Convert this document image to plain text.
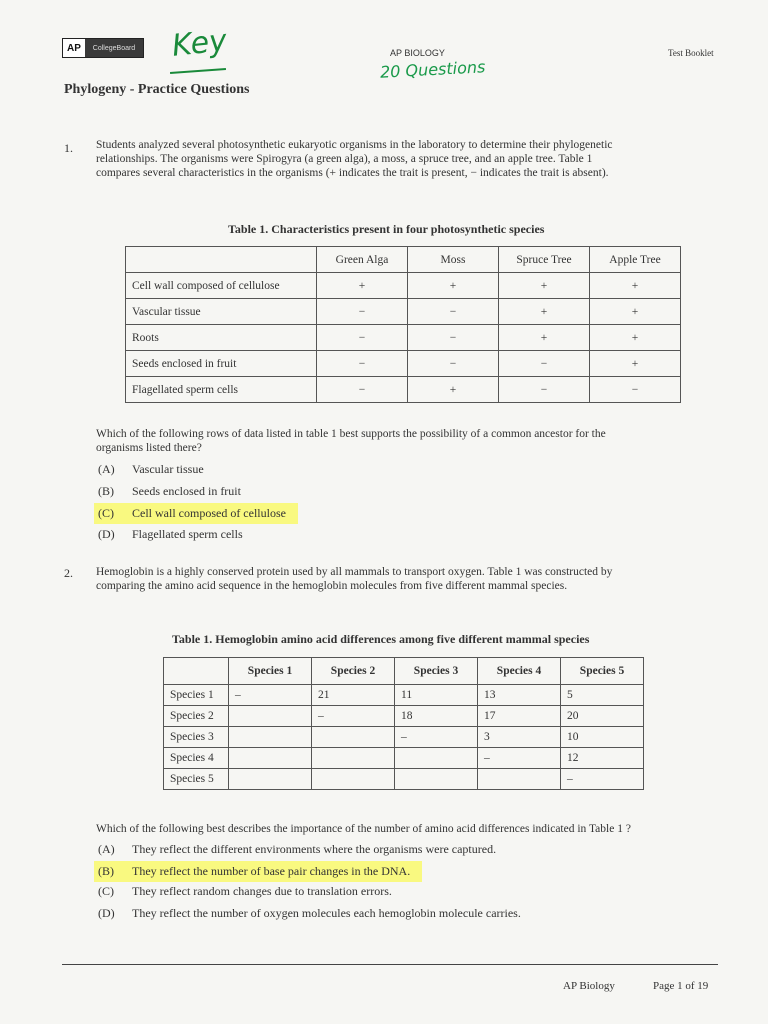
AP	CollegeBoard Key	AP BIOLOGY
20 Questions
Test Booklet
Phylogeny - Practice Questions
1. Students analyzed several photosynthetic eukaryotic organisms in the laboratory to determine their phylogenetic
relationships. The organisms were Spirogyra (a green alga), a moss, a spruce tree, and an apple tree. Table 1
compares several characteristics in the organisms (+ indicates the trait is present, − indicates the trait is absent).
Table 1. Characteristics present in four photosynthetic species
	Green Alga	Moss	Spruce Tree	Apple Tree
Cell wall composed of cellulose	+	+	+	+
Vascular tissue	−	−	+	+
Roots	−	−	+	+
Seeds enclosed in fruit	−	−	−	+
Flagellated sperm cells	−	+	−	−
Which of the following rows of data listed in table 1 best supports the possibility of a common ancestor for the
organisms listed there?
(A) Vascular tissue
(B) Seeds enclosed in fruit
(C) Cell wall composed of cellulose
(D) Flagellated sperm cells
2. Hemoglobin is a highly conserved protein used by all mammals to transport oxygen. Table 1 was constructed by
comparing the amino acid sequence in the hemoglobin molecules from five different mammal species.
Table 1. Hemoglobin amino acid differences among five different mammal species
	Species 1	Species 2	Species 3	Species 4	Species 5
Species 1	–	21	11	13	5
Species 2		–	18	17	20
Species 3			–	3	10
Species 4				–	12
Species 5					–
Which of the following best describes the importance of the number of amino acid differences indicated in Table 1 ?
(A) They reflect the different environments where the organisms were captured.
(B) They reflect the number of base pair changes in the DNA.
(C) They reflect random changes due to translation errors.
(D) They reflect the number of oxygen molecules each hemoglobin molecule carries.
AP Biology	Page 1 of 19
